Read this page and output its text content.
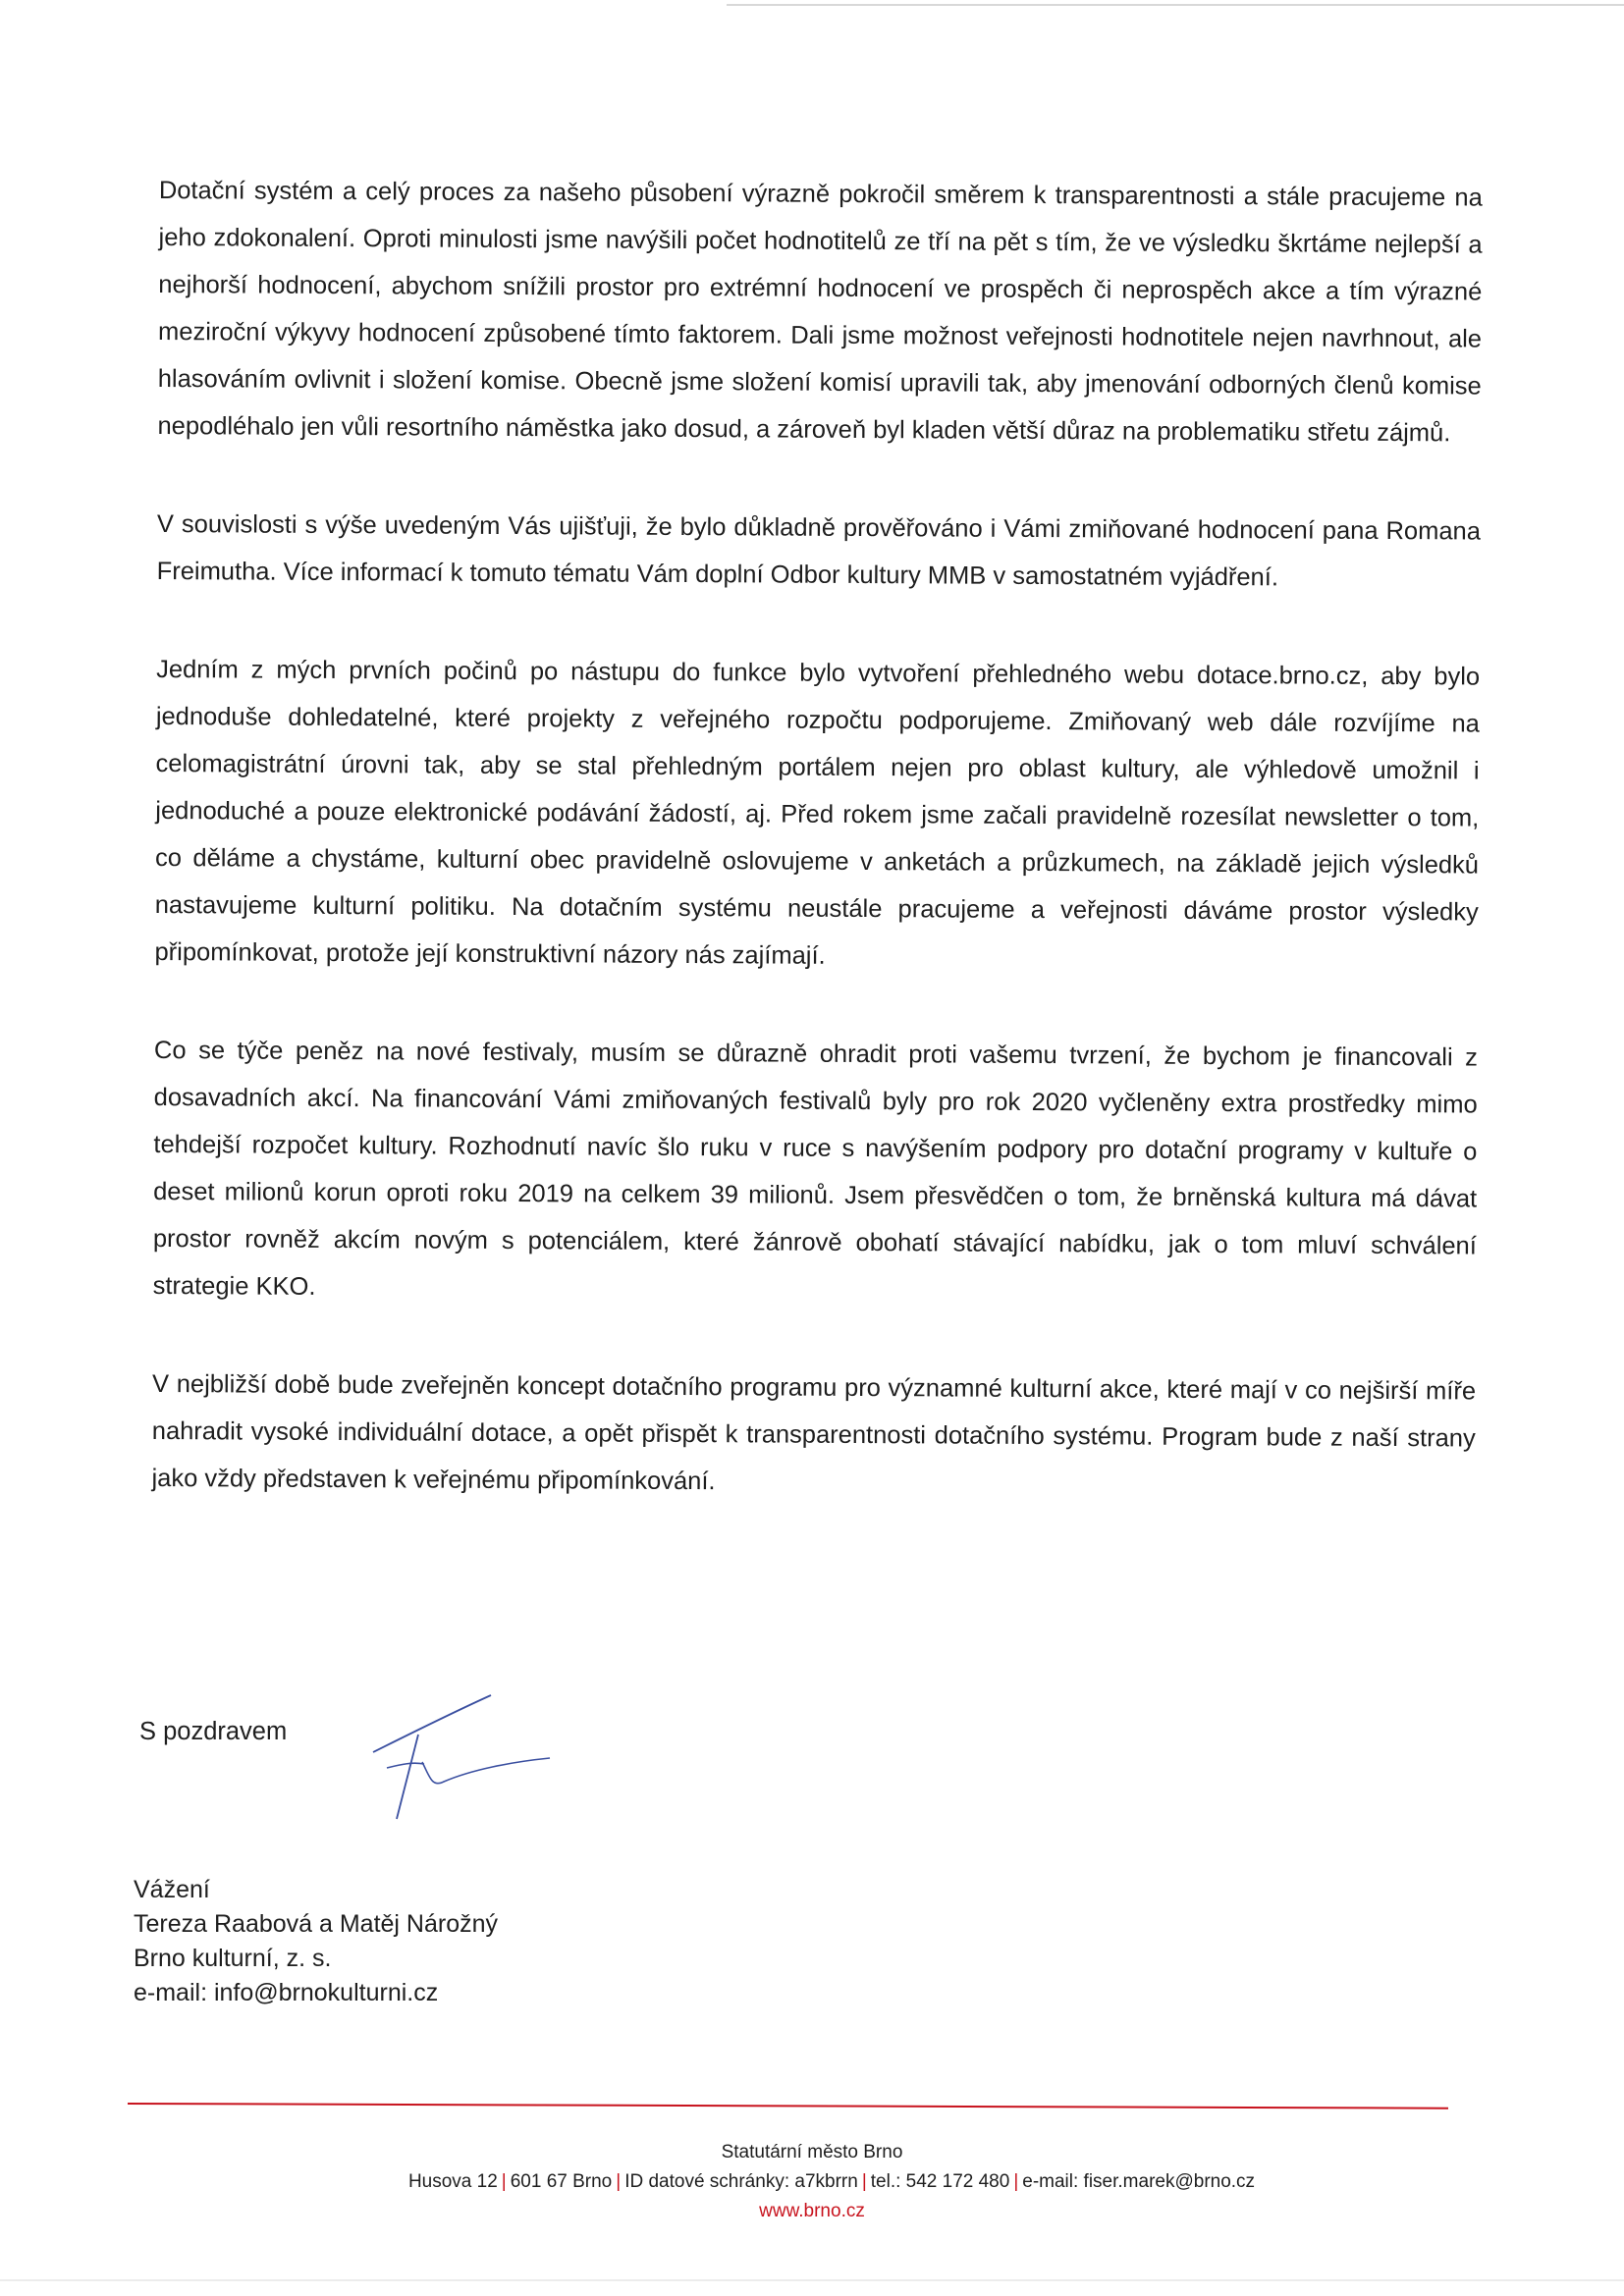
Dotační systém a celý proces za našeho působení výrazně pokročil směrem k transparentnosti a stále pracujeme na jeho zdokonalení. Oproti minulosti jsme navýšili počet hodnotitelů ze tří na pět s tím, že ve výsledku škrtáme nejlepší a nejhorší hodnocení, abychom snížili prostor pro extrémní hodnocení ve prospěch či neprospěch akce a tím výrazné meziroční výkyvy hodnocení způsobené tímto faktorem. Dali jsme možnost veřejnosti hodnotitele nejen navrhnout, ale hlasováním ovlivnit i složení komise. Obecně jsme složení komisí upravili tak, aby jmenování odborných členů komise nepodléhalo jen vůli resortního náměstka jako dosud, a zároveň byl kladen větší důraz na problematiku střetu zájmů.

V souvislosti s výše uvedeným Vás ujišťuji, že bylo důkladně prověřováno i Vámi zmiňované hodnocení pana Romana Freimutha. Více informací k tomuto tématu Vám doplní Odbor kultury MMB v samostatném vyjádření.

Jedním z mých prvních počinů po nástupu do funkce bylo vytvoření přehledného webu dotace.brno.cz, aby bylo jednoduše dohledatelné, které projekty z veřejného rozpočtu podporujeme. Zmiňovaný web dále rozvíjíme na celomagistrátní úrovni tak, aby se stal přehledným portálem nejen pro oblast kultury, ale výhledově umožnil i jednoduché a pouze elektronické podávání žádostí, aj. Před rokem jsme začali pravidelně rozesílat newsletter o tom, co děláme a chystáme, kulturní obec pravidelně oslovujeme v anketách a průzkumech, na základě jejich výsledků nastavujeme kulturní politiku. Na dotačním systému neustále pracujeme a veřejnosti dáváme prostor výsledky připomínkovat, protože její konstruktivní názory nás zajímají.

Co se týče peněz na nové festivaly, musím se důrazně ohradit proti vašemu tvrzení, že bychom je financovali z dosavadních akcí. Na financování Vámi zmiňovaných festivalů byly pro rok 2020 vyčleněny extra prostředky mimo tehdejší rozpočet kultury. Rozhodnutí navíc šlo ruku v ruce s navýšením podpory pro dotační programy v kultuře o deset milionů korun oproti roku 2019 na celkem 39 milionů. Jsem přesvědčen o tom, že brněnská kultura má dávat prostor rovněž akcím novým s potenciálem, které žánrově obohatí stávající nabídku, jak o tom mluví schválení strategie KKO.

V nejbližší době bude zveřejněn koncept dotačního programu pro významné kulturní akce, které mají v co nejširší míře nahradit vysoké individuální dotace, a opět přispět k transparentnosti dotačního systému. Program bude z naší strany jako vždy představen k veřejnému připomínkování.

S pozdravem
Vážení
Tereza Raabová a Matěj Nárožný
Brno kulturní, z. s.
e-mail: info@brnokulturni.cz
Statutární město Brno
Husova 12 | 601 67 Brno | ID datové schránky: a7kbrrn | tel.: 542 172 480 | e-mail: fiser.marek@brno.cz
www.brno.cz
